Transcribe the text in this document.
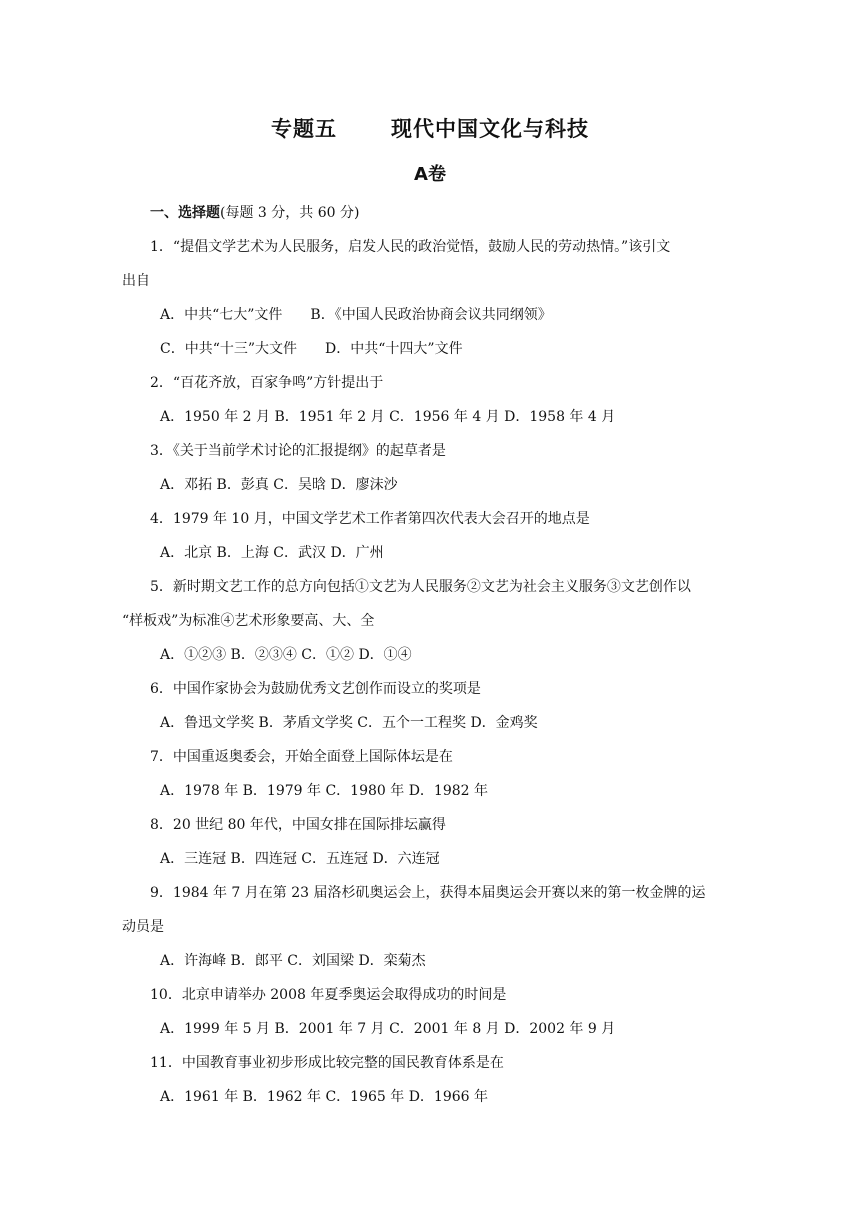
专题五	现代中国文化与科技
A卷
一、选择题(每题 3 分，共 60 分)
1．“提倡文学艺术为人民服务，启发人民的政治觉悟，鼓励人民的劳动热情。”该引文
出自
A．中共“七大”文件　　B．《中国人民政治协商会议共同纲领》
C．中共“十三”大文件　　D．中共“十四大”文件
2．“百花齐放，百家争鸣”方针提出于
A．1950 年 2 月 B．1951 年 2 月 C．1956 年 4 月 D．1958 年 4 月
3．《关于当前学术讨论的汇报提纲》的起草者是
A．邓拓 B．彭真 C．吴晗 D．廖沫沙
4．1979 年 10 月，中国文学艺术工作者第四次代表大会召开的地点是
A．北京 B．上海 C．武汉 D．广州
5．新时期文艺工作的总方向包括①文艺为人民服务②文艺为社会主义服务③文艺创作以
“样板戏”为标准④艺术形象要高、大、全
A．①②③ B．②③④ C．①② D．①④
6．中国作家协会为鼓励优秀文艺创作而设立的奖项是
A．鲁迅文学奖 B．茅盾文学奖 C．五个一工程奖 D．金鸡奖
7．中国重返奥委会，开始全面登上国际体坛是在
A．1978 年 B．1979 年 C．1980 年 D．1982 年
8．20 世纪 80 年代，中国女排在国际排坛赢得
A．三连冠 B．四连冠 C．五连冠 D．六连冠
9．1984 年 7 月在第 23 届洛杉矶奥运会上，获得本届奥运会开赛以来的第一枚金牌的运
动员是
A．许海峰 B．郎平 C．刘国梁 D．栾菊杰
10．北京申请举办 2008 年夏季奥运会取得成功的时间是
A．1999 年 5 月 B．2001 年 7 月 C．2001 年 8 月 D．2002 年 9 月
11．中国教育事业初步形成比较完整的国民教育体系是在
A．1961 年 B．1962 年 C．1965 年 D．1966 年
